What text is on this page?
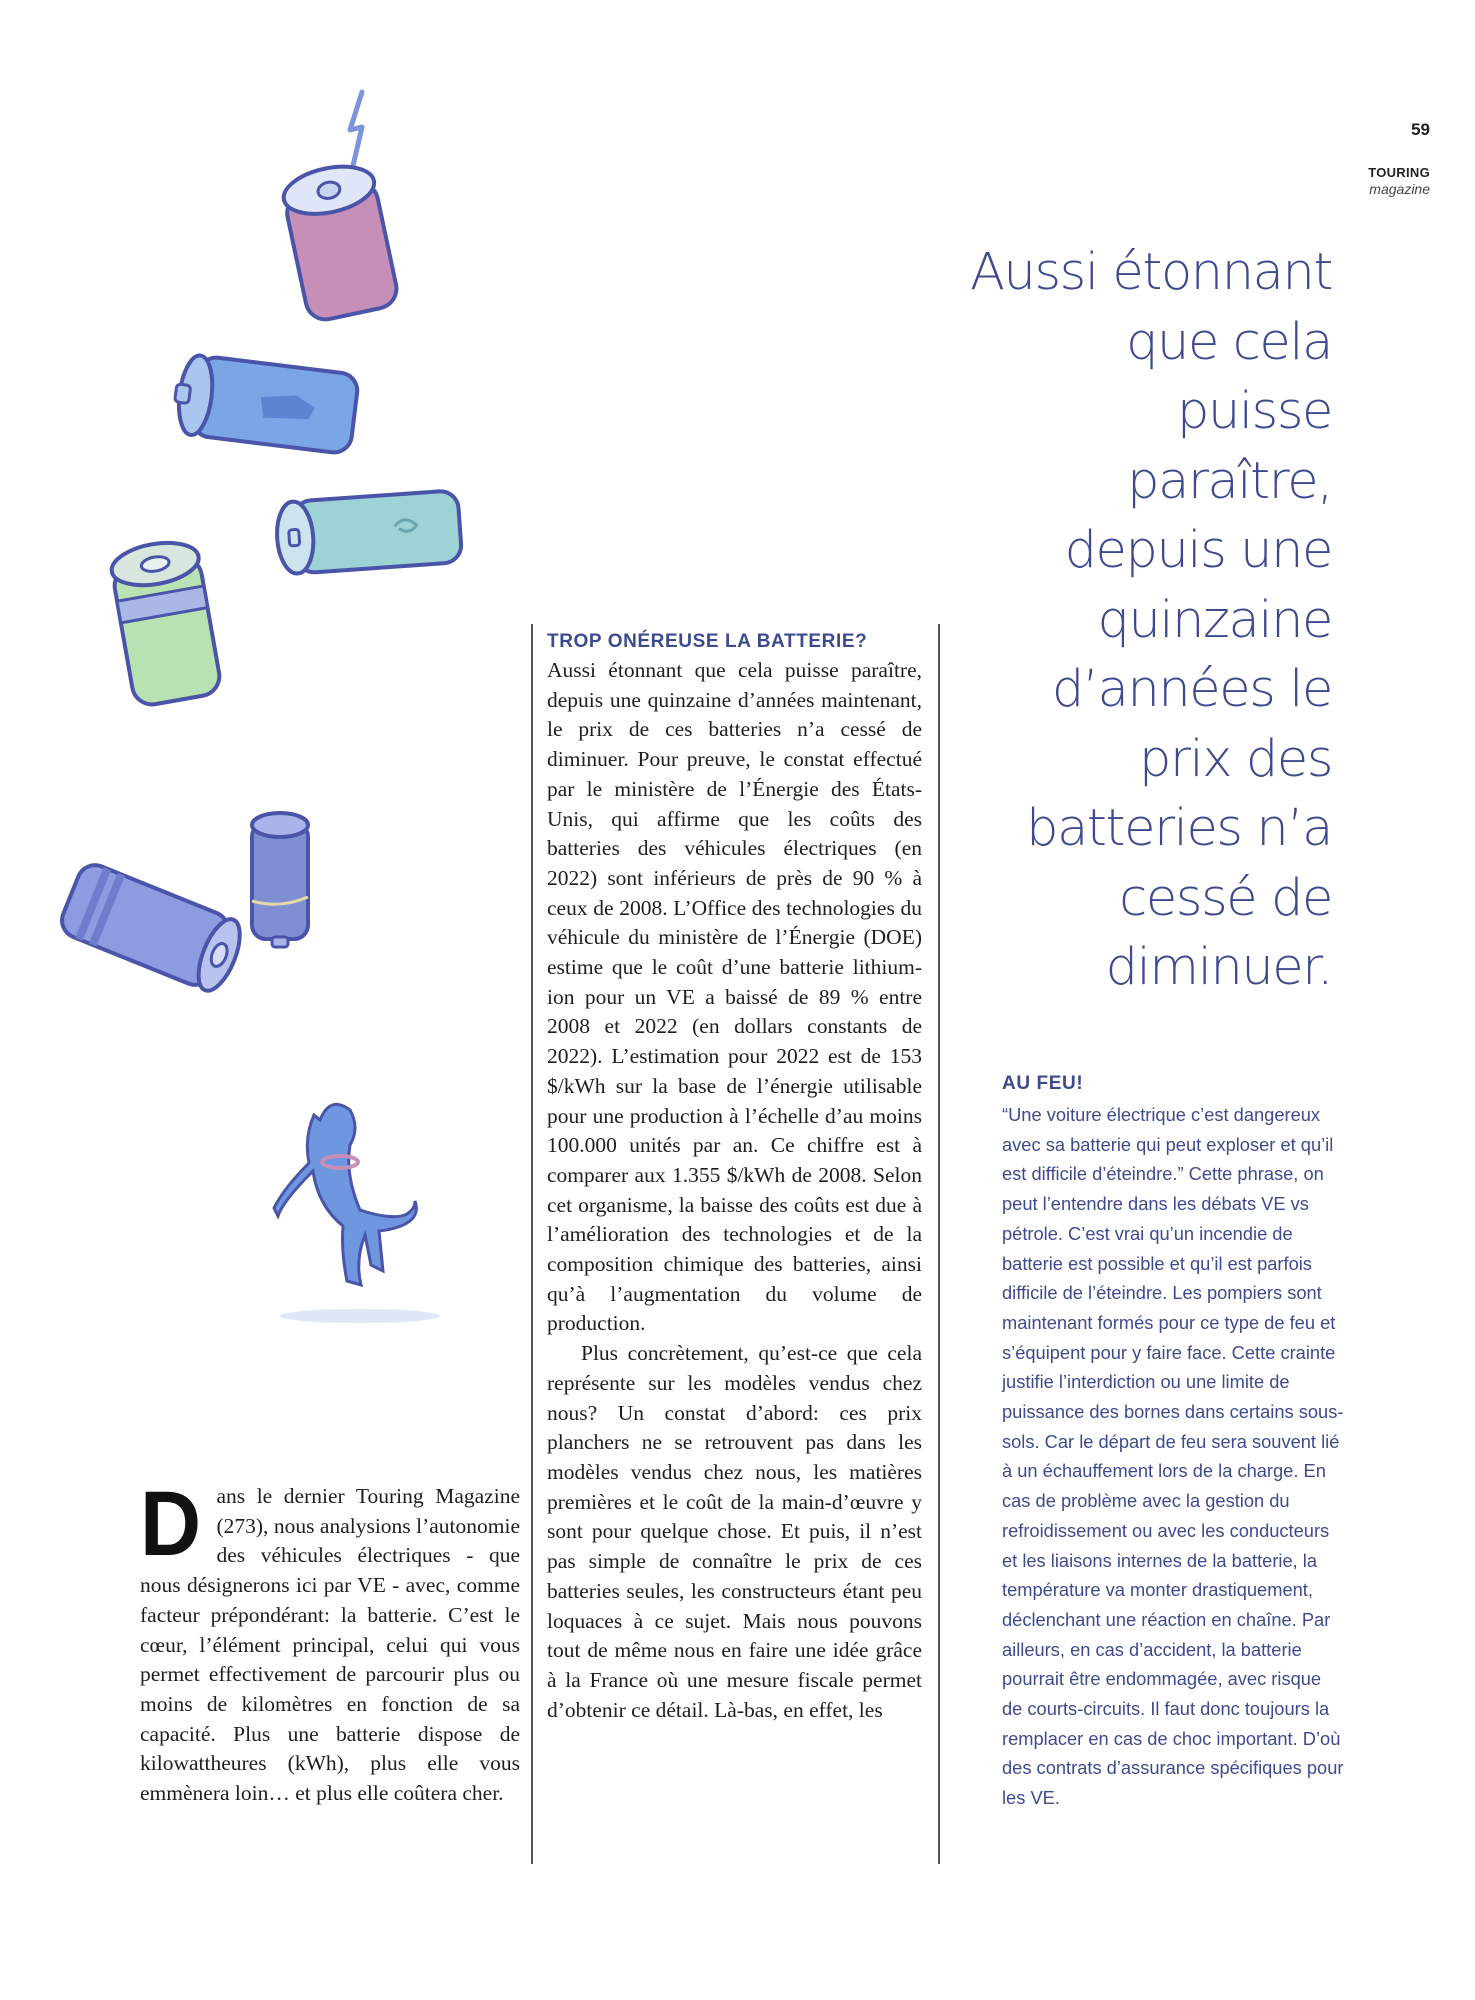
59
TOURING
magazine
Aussi étonnant que cela puisse paraître, depuis une quinzaine d’années le prix des batteries n’a cessé de diminuer.
D ans le dernier Touring Magazine (273), nous analysions l’autonomie des véhicules électriques - que nous désignerons ici par VE - avec, comme facteur prépondérant: la batterie. C’est le cœur, l’élément principal, celui qui vous permet effectivement de parcourir plus ou moins de kilomètres en fonction de sa capacité. Plus une batterie dispose de kilowattheures (kWh), plus elle vous emmènera loin… et plus elle coûtera cher.
TROP ONÉREUSE LA BATTERIE?

Aussi étonnant que cela puisse paraître, depuis une quinzaine d’années maintenant, le prix de ces batteries n’a cessé de diminuer. Pour preuve, le constat effectué par le ministère de l’Énergie des États-Unis, qui affirme que les coûts des batteries des véhicules électriques (en 2022) sont inférieurs de près de 90 % à ceux de 2008. L’Office des technologies du véhicule du ministère de l’Énergie (DOE) estime que le coût d’une batterie lithium-ion pour un VE a baissé de 89 % entre 2008 et 2022 (en dollars constants de 2022). L’estimation pour 2022 est de 153 $/kWh sur la base de l’énergie utilisable pour une production à l’échelle d’au moins 100.000 unités par an. Ce chiffre est à comparer aux 1.355 $/kWh de 2008. Selon cet organisme, la baisse des coûts est due à l’amélioration des technologies et de la composition chimique des batteries, ainsi qu’à l’augmentation du volume de production.

Plus concrètement, qu’est-ce que cela représente sur les modèles vendus chez nous? Un constat d’abord: ces prix planchers ne se retrouvent pas dans les modèles vendus chez nous, les matières premières et le coût de la main-d’œuvre y sont pour quelque chose. Et puis, il n’est pas simple de connaître le prix de ces batteries seules, les constructeurs étant peu loquaces à ce sujet. Mais nous pouvons tout de même nous en faire une idée grâce à la France où une mesure fiscale permet d’obtenir ce détail. Là-bas, en effet, les

AU FEU!

“Une voiture électrique c’est dangereux avec sa batterie qui peut exploser et qu’il est difficile d’éteindre.” Cette phrase, on peut l’entendre dans les débats VE vs pétrole. C’est vrai qu’un incendie de batterie est possible et qu’il est parfois difficile de l’éteindre. Les pompiers sont maintenant formés pour ce type de feu et s’équipent pour y faire face. Cette crainte justifie l’interdiction ou une limite de puissance des bornes dans certains sous-sols. Car le départ de feu sera souvent lié à un échauffement lors de la charge. En cas de problème avec la gestion du refroidissement ou avec les conducteurs et les liaisons internes de la batterie, la température va monter drastiquement, déclenchant une réaction en chaîne. Par ailleurs, en cas d’accident, la batterie pourrait être endommagée, avec risque de courts-circuits. Il faut donc toujours la remplacer en cas de choc important. D’où des contrats d’assurance spécifiques pour les VE.
